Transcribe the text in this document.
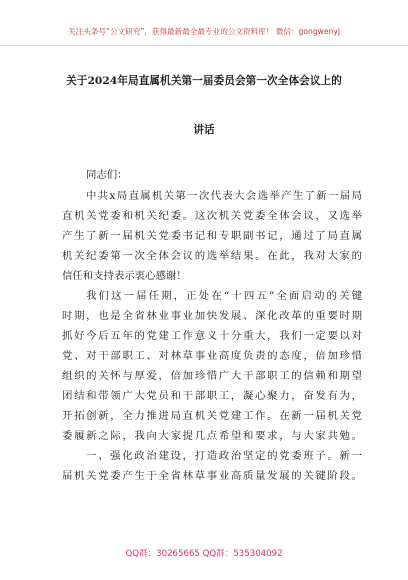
关注头条号“公文研究”，获得最新最全最专业的公文资料库！ 微信：gongwenyj
关于2024年局直属机关第一届委员会第一次全体会议上的
讲话
同志们：
中共x局直属机关第一次代表大会选举产生了新一届局
直机关党委和机关纪委。这次机关党委全体会议，又选举
产生了新一届机关党委书记和专职副书记，通过了局直属
机关纪委第一次全体会议的选举结果。在此，我对大家的
信任和支持表示衷心感谢！
我们这一届任期，正处在“十四五”全面启动的关键
时期，也是全省林业事业加快发展、深化改革的重要时期
抓好今后五年的党建工作意义十分重大，我们一定要以对
党、对干部职工、对林草事业高度负责的态度，倍加珍惜
组织的关怀与厚爱，倍加珍惜广大干部职工的信赖和期望
团结和带领广大党员和干部职工，凝心聚力，奋发有为，
开拓创新，全力推进局直机关党建工作。在新一届机关党
委履新之际，我向大家提几点希望和要求，与大家共勉。
一、强化政治建设，打造政治坚定的党委班子。新一
届机关党委产生于全省林草事业高质量发展的关键阶段。
QQ群：30265665 QQ群：535304092
